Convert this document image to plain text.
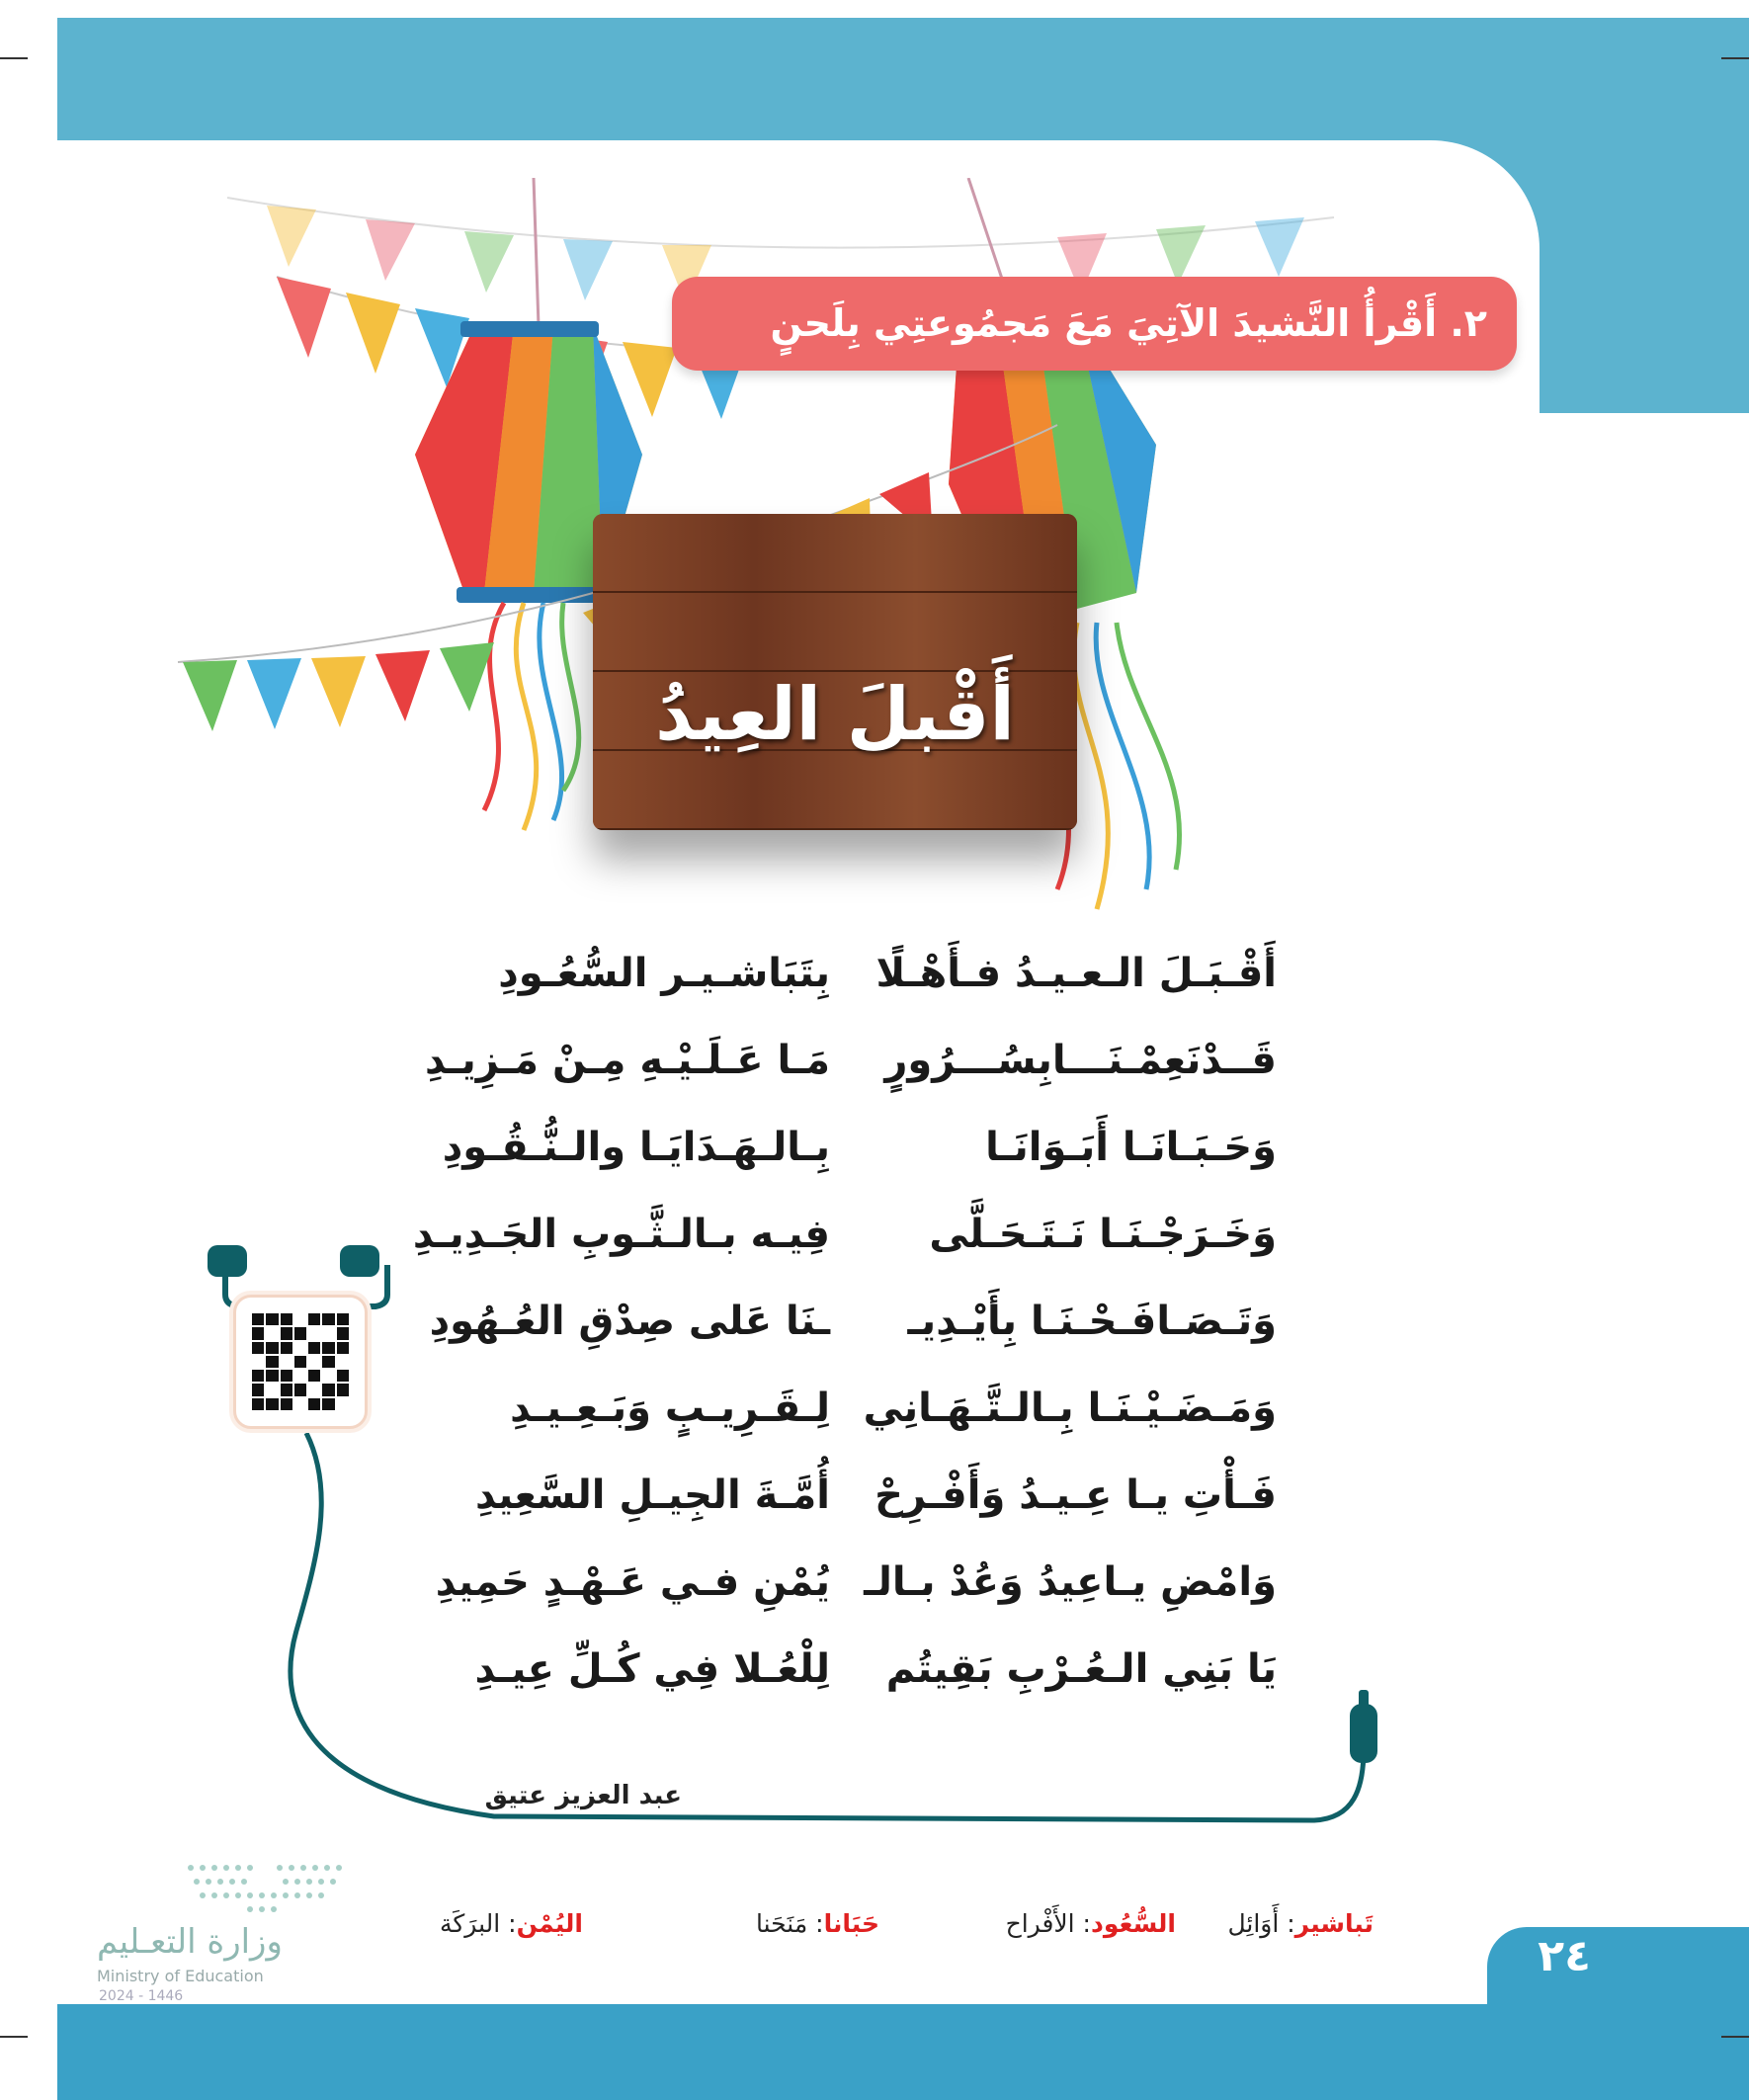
٢. أَقْرأُ النَّشيدَ الآتِيَ مَعَ مَجمُوعتِي بِلَحنٍ جَميلٍ
أَقْبلَ العِيدُ
أَقْـبَـلَ الـعـيـدُ فـأَهْـلًا
بِتَبَاشـيـر السُّعُـودِ
قَــدْنَعِمْـنَـــابِسُـــرُورٍ
مَـا عَـلَـيْـهِ مِـنْ مَـزِيـدِ
وَحَـبَـانَـا أَبَـوَانَـا
بِـالـهَـدَايَـا والـنُّـقُـودِ
وَخَـرَجْـنَـا نَـتَـحَـلَّى
فِيـه بـالـثَّـوبِ الجَـدِيـدِ
وَتَـصَـافَـحْـنَـا بِأَيْـدِيـ
ـنَا عَلى صِدْقِ العُـهُودِ
وَمَـضَـيْـنَـا بِـالـتَّـهَـانِي
لِـقَـرِيـبٍ وَبَـعِـيـدِ
فَـأْتِ يـا عِـيـدُ وَأَفْـرِحْ
أُمَّـةَ الجِيـلِ السَّعِيدِ
وَامْضِ يـاعِيدُ وَعُدْ بـالـ
يُمْنِ فـي عَـهْـدٍ حَمِيدِ
يَا بَنِي الـعُـرْبِ بَقِيتُم
لِلْعُـلا فِي كُـلِّ عِيـدِ
عبد العزيز عتيق
تَباشير: أَوَائِل
السُّعُود: الأَفْراح
حَبَانا: مَنَحَنا
اليُمْن: البرَكَة
٢٤
وزارة التعـليم
Ministry of Education
2024 - 1446
